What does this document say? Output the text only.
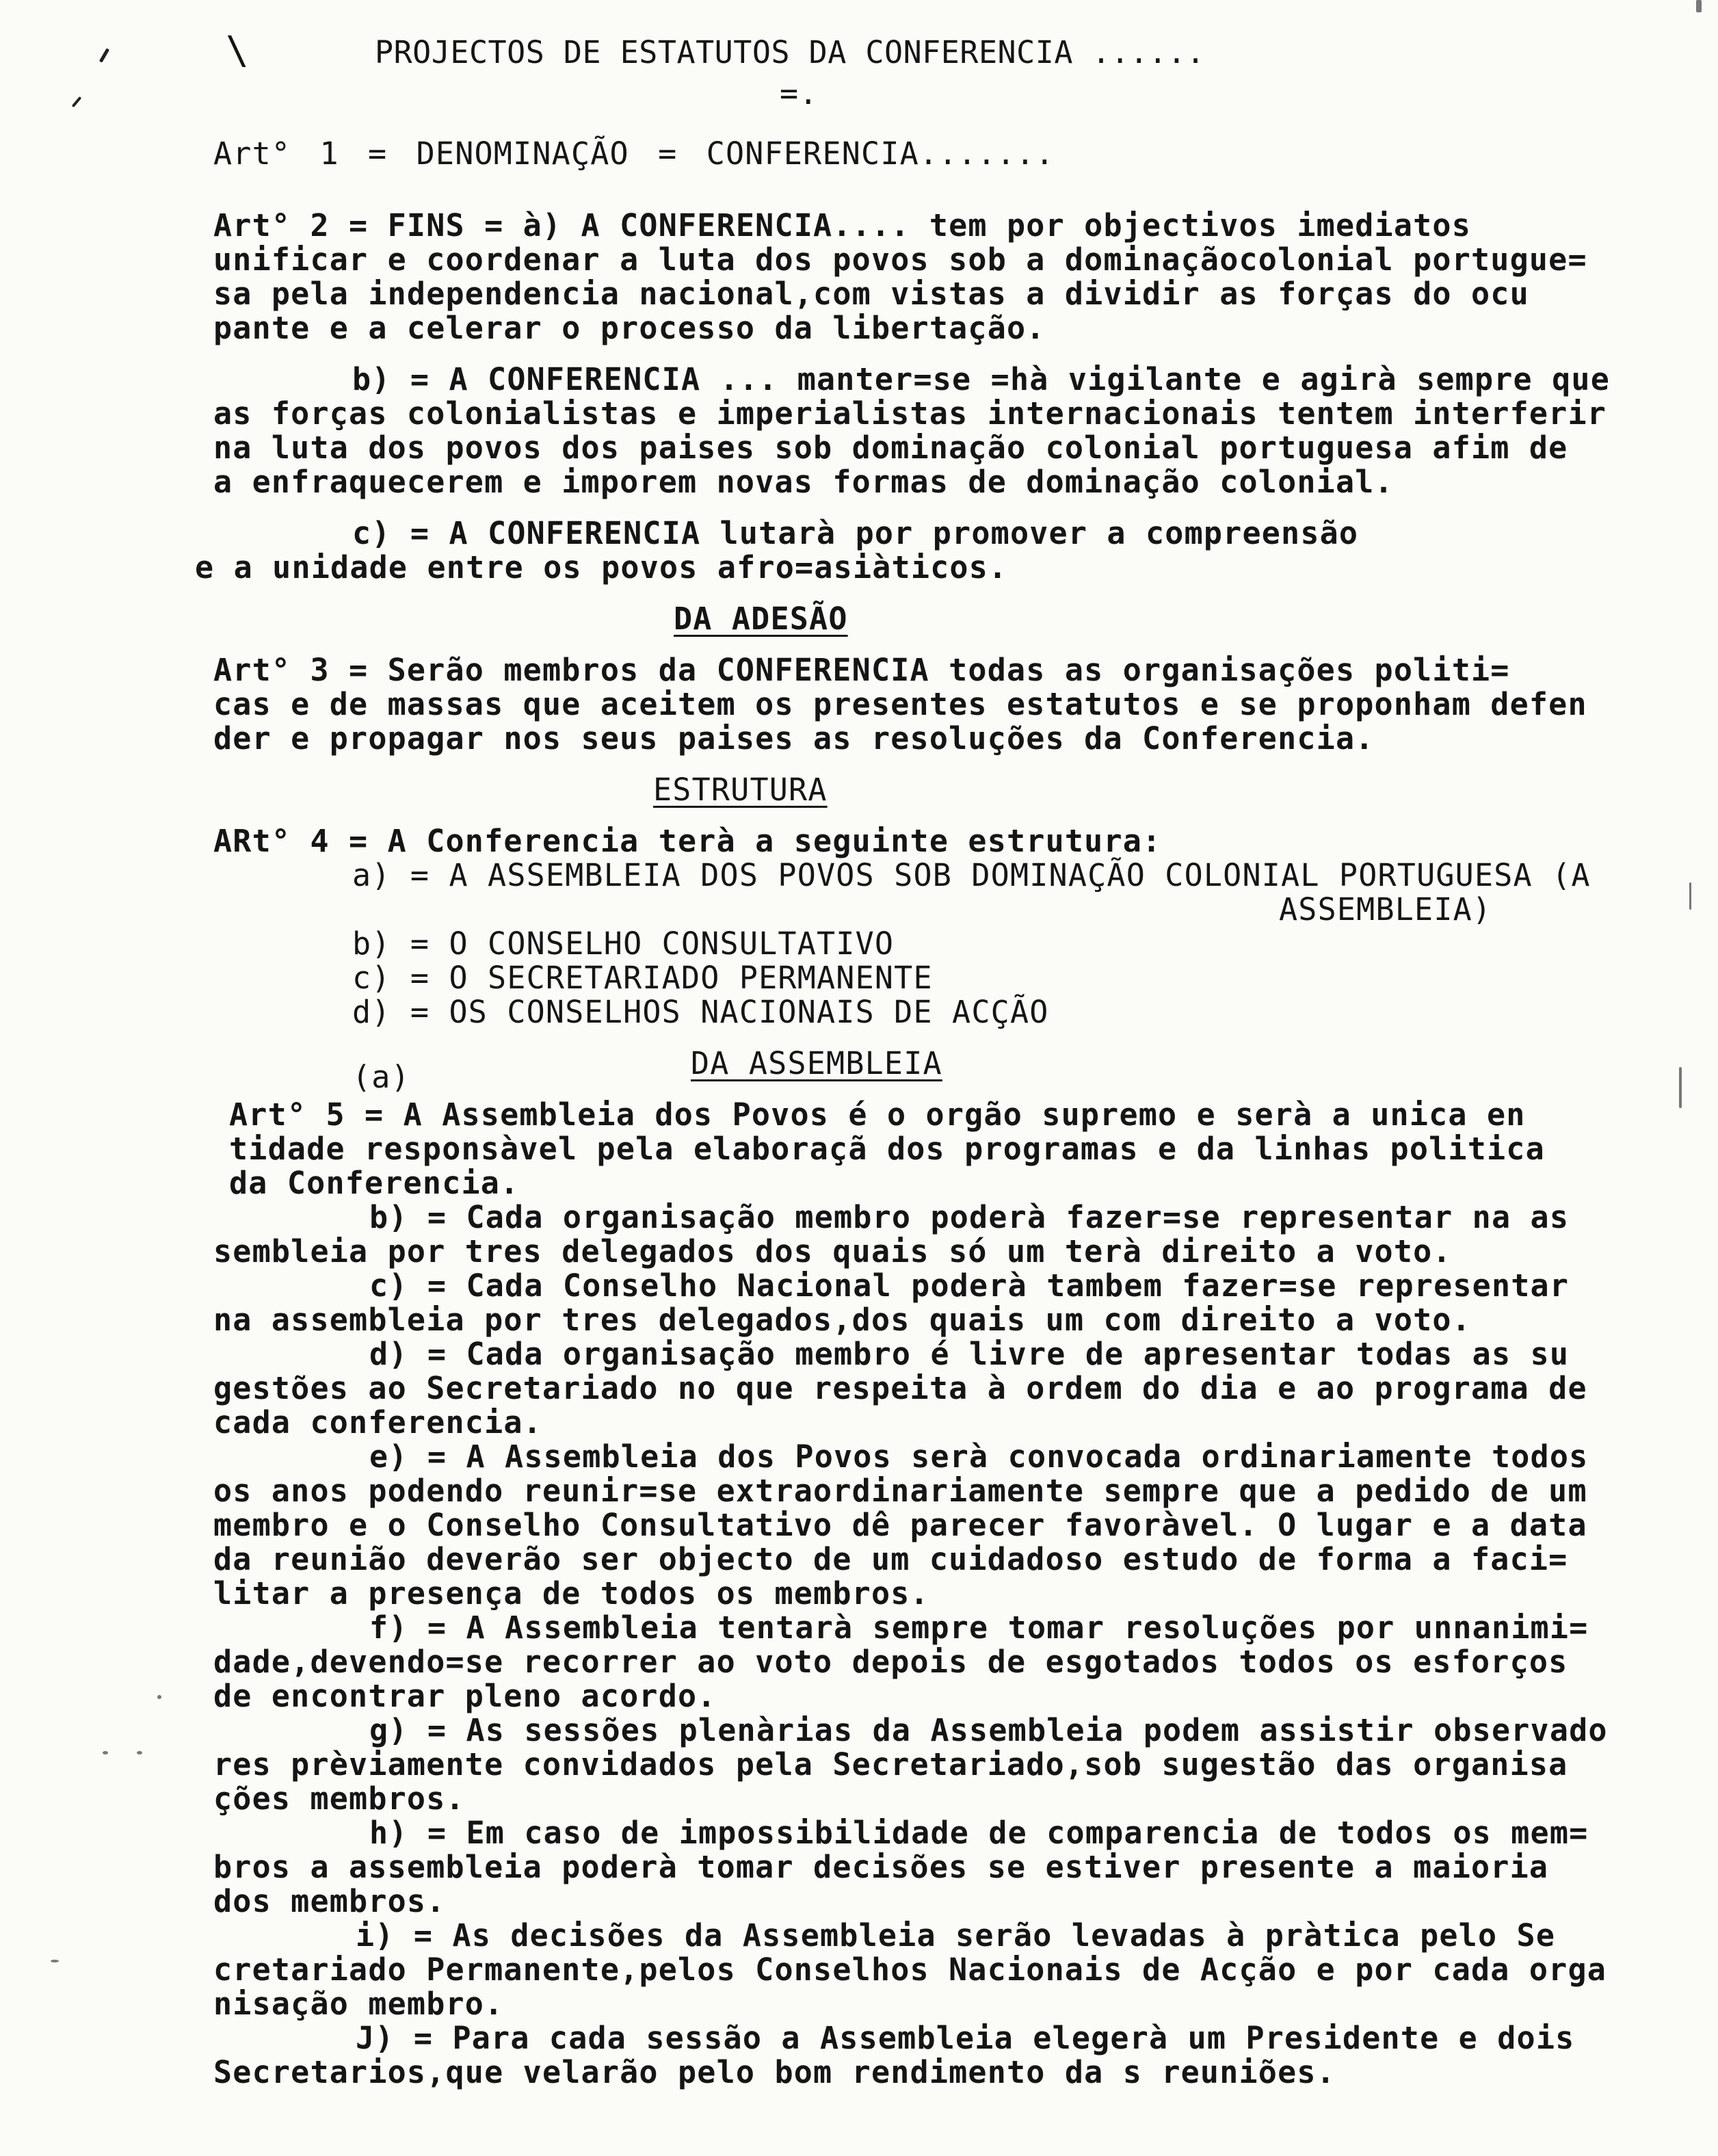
\	PROJECTOS DE ESTATUTOS DA CONFERENCIA ......
=.
Art° 1 = DENOMINAÇÃO = CONFERENCIA.......
Art° 2 = FINS = à) A CONFERENCIA.... tem por objectivos imediatos
unificar e coordenar a luta dos povos sob a dominaçãocolonial portugue=
sa pela independencia nacional,com vistas a dividir as forças do ocu
pante e a celerar o processo da libertação.
b) = A CONFERENCIA ... manter=se =hà vigilante e agirà sempre que
as forças colonialistas e imperialistas internacionais tentem interferir
na luta dos povos dos paises sob dominação colonial portuguesa afim de
a enfraquecerem e imporem novas formas de dominação colonial.
c) = A CONFERENCIA lutarà por promover a compreensão
e a unidade entre os povos afro=asiàticos.
DA ADESÃO
Art° 3 = Serão membros da CONFERENCIA todas as organisações politi=
cas e de massas que aceitem os presentes estatutos e se proponham defen
der e propagar nos seus paises as resoluções da Conferencia.
ESTRUTURA
ARt° 4 = A Conferencia terà a seguinte estrutura:
a) = A ASSEMBLEIA DOS POVOS SOB DOMINAÇÃO COLONIAL PORTUGUESA (A
ASSEMBLEIA)
b) = O CONSELHO CONSULTATIVO
c) = O SECRETARIADO PERMANENTE
d) = OS CONSELHOS NACIONAIS DE ACÇÃO
(a)	DA ASSEMBLEIA
Art° 5 = A Assembleia dos Povos é o orgão supremo e serà a unica en
tidade responsàvel pela elaboraçã dos programas e da linhas politica
da Conferencia.
b) = Cada organisação membro poderà fazer=se representar na as
sembleia por tres delegados dos quais só um terà direito a voto.
c) = Cada Conselho Nacional poderà tambem fazer=se representar
na assembleia por tres delegados,dos quais um com direito a voto.
d) = Cada organisação membro é livre de apresentar todas as su
gestões ao Secretariado no que respeita à ordem do dia e ao programa de
cada conferencia.
e) = A Assembleia dos Povos serà convocada ordinariamente todos
os anos podendo reunir=se extraordinariamente sempre que a pedido de um
membro e o Conselho Consultativo dê parecer favoràvel. O lugar e a data
da reunião deverão ser objecto de um cuidadoso estudo de forma a faci=
litar a presença de todos os membros.
f) = A Assembleia tentarà sempre tomar resoluções por unnanimi=
dade,devendo=se recorrer ao voto depois de esgotados todos os esforços
de encontrar pleno acordo.
g) = As sessões plenàrias da Assembleia podem assistir observado
res prèviamente convidados pela Secretariado,sob sugestão das organisa
ções membros.
h) = Em caso de impossibilidade de comparencia de todos os mem=
bros a assembleia poderà tomar decisões se estiver presente a maioria
dos membros.
i) = As decisões da Assembleia serão levadas à pràtica pelo Se
cretariado Permanente,pelos Conselhos Nacionais de Acção e por cada orga
nisação membro.
J) = Para cada sessão a Assembleia elegerà um Presidente e dois
Secretarios,que velarão pelo bom rendimento da s reuniões.
